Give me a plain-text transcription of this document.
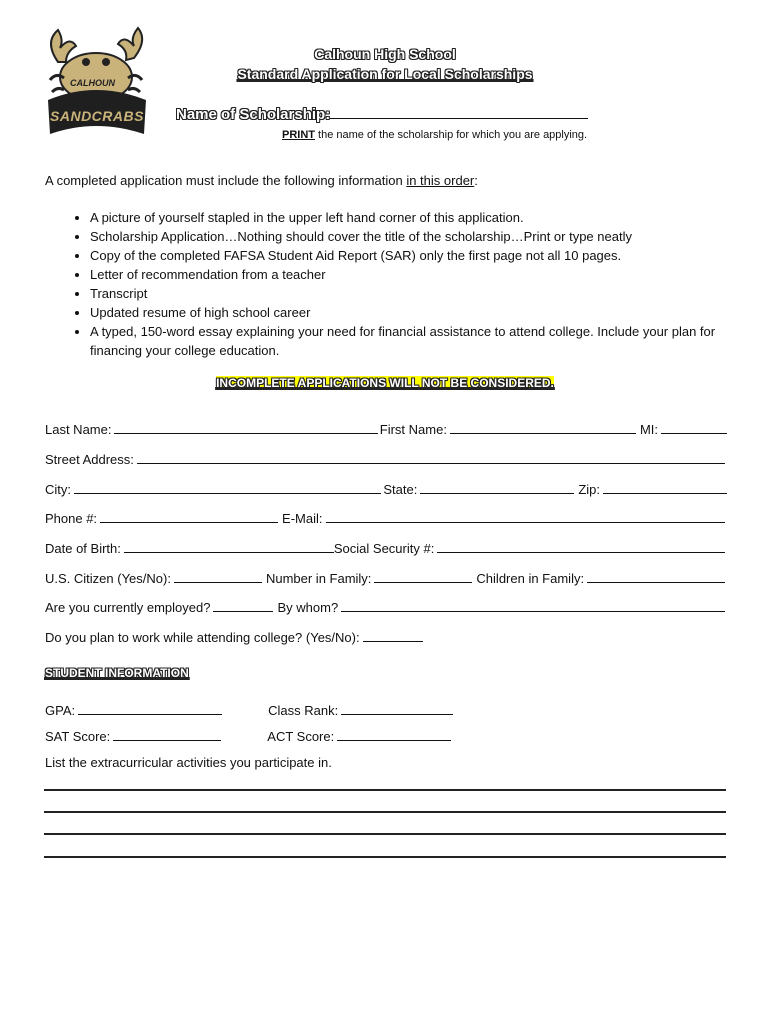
CALHOUN
SANDCRABS
Calhoun High School
Standard Application for Local Scholarships
Name of Scholarship:
PRINT the name of the scholarship for which you are applying.
A completed application must include the following information in this order:
• A picture of yourself stapled in the upper left hand corner of this application.
• Scholarship Application…Nothing should cover the title of the scholarship…Print or type neatly
• Copy of the completed FAFSA Student Aid Report (SAR) only the first page not all 10 pages.
• Letter of recommendation from a teacher
• Transcript
• Updated resume of high school career
• A typed, 150-word essay explaining your need for financial assistance to attend college. Include your plan for financing your college education.
INCOMPLETE APPLICATIONS WILL NOT BE CONSIDERED.
Last Name:	First Name:	MI:
Street Address:
City:	State:	Zip:
Phone #:	E-Mail:
Date of Birth:	Social Security #:
U.S. Citizen (Yes/No):	Number in Family:	Children in Family:
Are you currently employed?	By whom?
Do you plan to work while attending college? (Yes/No):
STUDENT INFORMATION
GPA:	Class Rank:
SAT Score:	ACT Score:
List the extracurricular activities you participate in.
